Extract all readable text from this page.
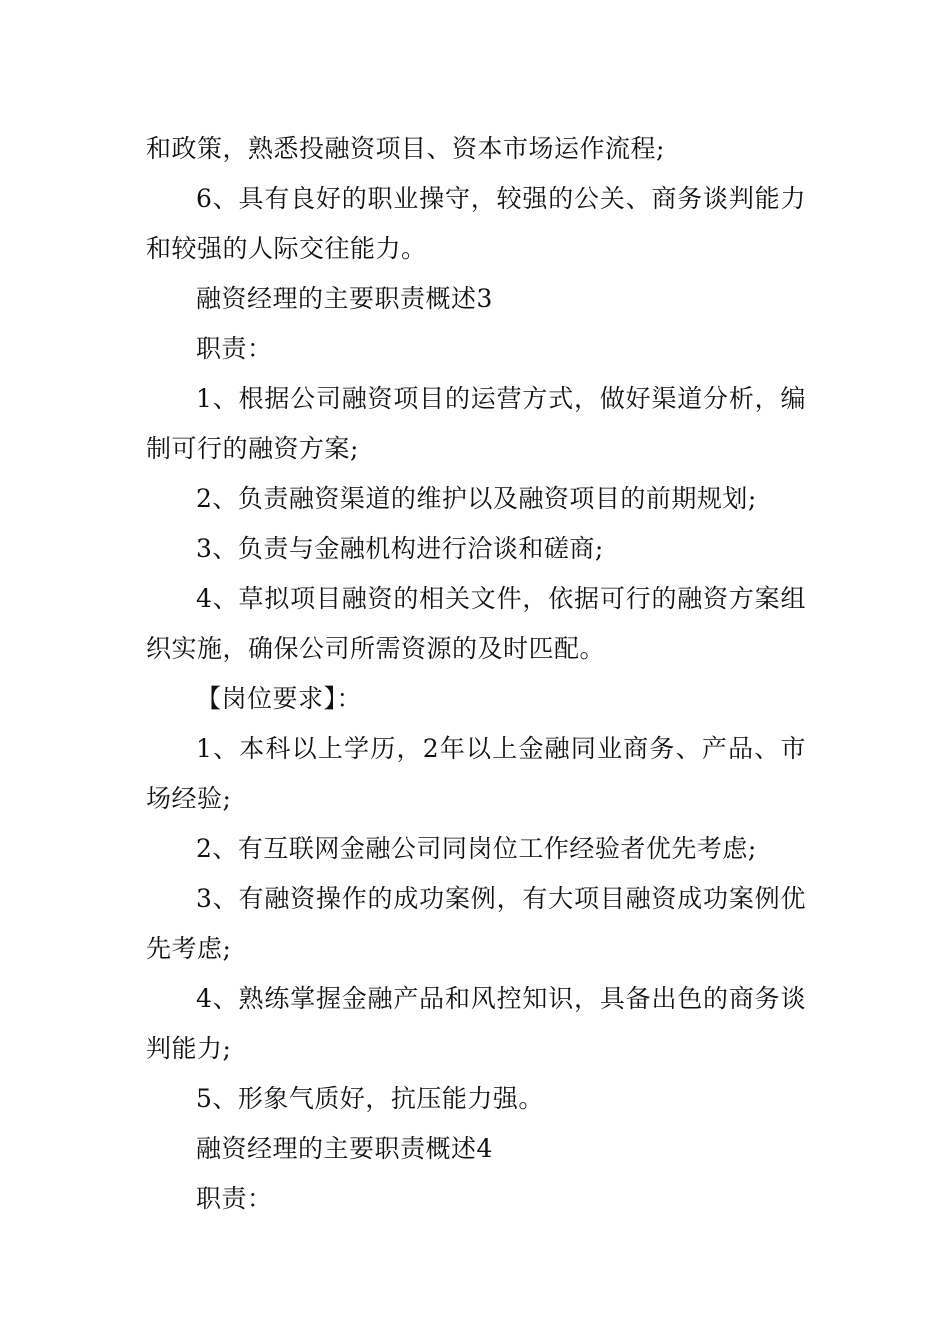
和政策，熟悉投融资项目、资本市场运作流程;

6、具有良好的职业操守，较强的公关、商务谈判能力和较强的人际交往能力。

融资经理的主要职责概述3

职责：

1、根据公司融资项目的运营方式，做好渠道分析，编制可行的融资方案;

2、负责融资渠道的维护以及融资项目的前期规划;

3、负责与金融机构进行洽谈和磋商;

4、草拟项目融资的相关文件，依据可行的融资方案组织实施，确保公司所需资源的及时匹配。

【岗位要求】：

1、本科以上学历，2年以上金融同业商务、产品、市场经验;

2、有互联网金融公司同岗位工作经验者优先考虑;

3、有融资操作的成功案例，有大项目融资成功案例优先考虑;

4、熟练掌握金融产品和风控知识，具备出色的商务谈判能力;

5、形象气质好，抗压能力强。

融资经理的主要职责概述4

职责：
